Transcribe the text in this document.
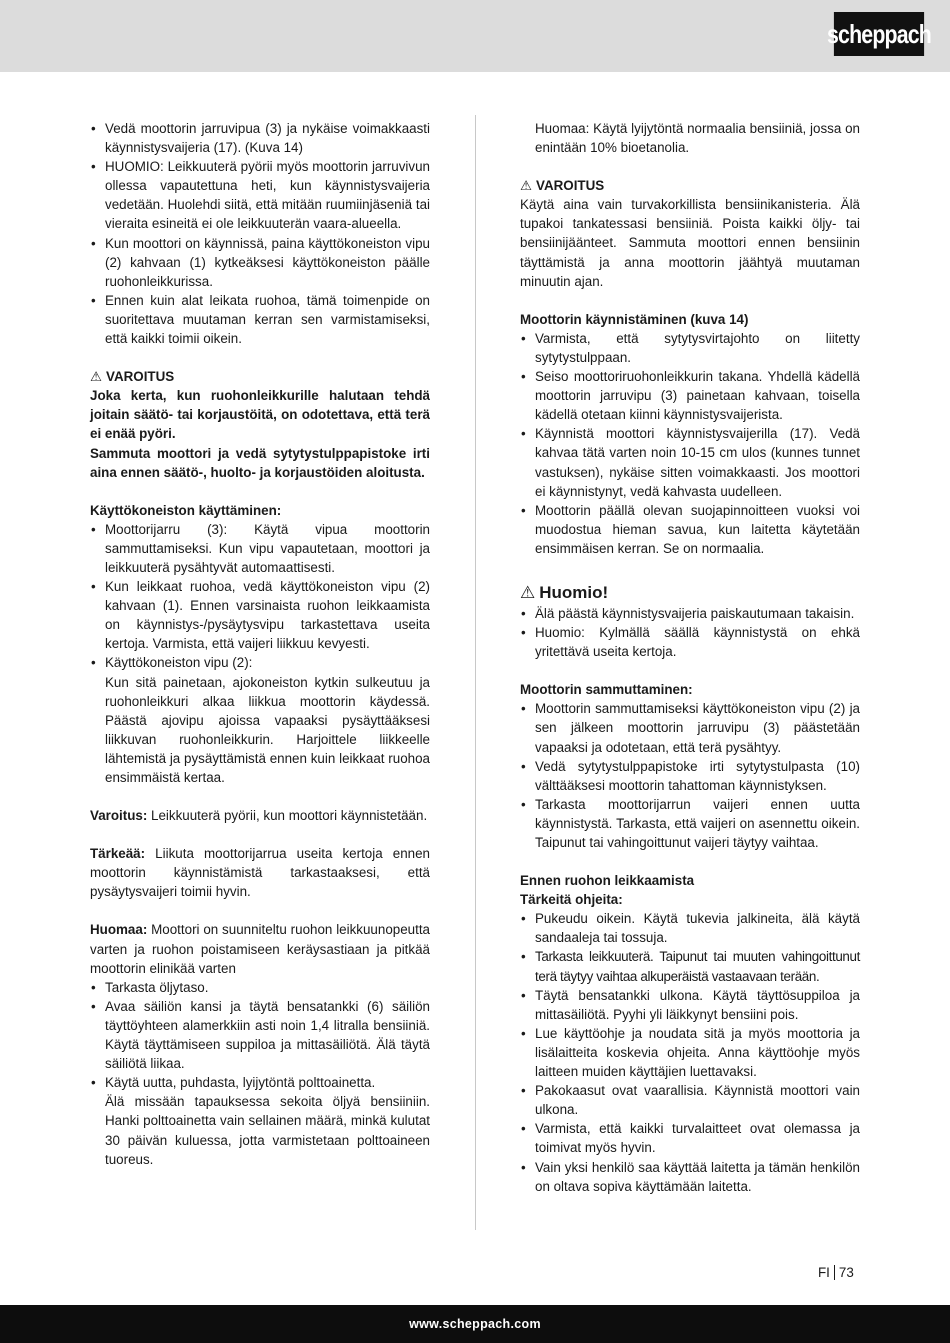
scheppach
• Vedä moottorin jarruvipua (3) ja nykäise voimakkaasti käynnistysvaijeria (17). (Kuva 14)
• HUOMIO: Leikkuuterä pyörii myös moottorin jarruvivun ollessa vapautettuna heti, kun käynnistysvaijeria vedetään. Huolehdi siitä, että mitään ruumiinjäseniä tai vieraita esineitä ei ole leikkuuterän vaara-alueella.
• Kun moottori on käynnissä, paina käyttökoneiston vipu (2) kahvaan (1) kytkeäksesi käyttökoneiston päälle ruohonleikkurissa.
• Ennen kuin alat leikata ruohoa, tämä toimenpide on suoritettava muutaman kerran sen varmistamiseksi, että kaikki toimii oikein.
⚠ VAROITUS

Joka kerta, kun ruohonleikkurille halutaan tehdä joitain säätö- tai korjaustöitä, on odotettava, että terä ei enää pyöri.

Sammuta moottori ja vedä sytytystulppapistoke irti aina ennen säätö-, huolto- ja korjaustöiden aloitusta.

Käyttökoneiston käyttäminen:
• Moottorijarru (3): Käytä vipua moottorin sammuttamiseksi. Kun vipu vapautetaan, moottori ja leikkuuterä pysähtyvät automaattisesti.
• Kun leikkaat ruohoa, vedä käyttökoneiston vipu (2) kahvaan (1). Ennen varsinaista ruohon leikkaamista on käynnistys-/pysäytysvipu tarkastettava useita kertoja. Varmista, että vaijeri liikkuu kevyesti.
• Käyttökoneiston vipu (2):

Kun sitä painetaan, ajokoneiston kytkin sulkeutuu ja ruohonleikkuri alkaa liikkua moottorin käydessä. Päästä ajovipu ajoissa vapaaksi pysäyttääksesi liikkuvan ruohonleikkurin. Harjoittele liikkeelle lähtemistä ja pysäyttämistä ennen kuin leikkaat ruohoa ensimmäistä kertaa.

Varoitus: Leikkuuterä pyörii, kun moottori käynnistetään.

Tärkeää: Liikuta moottorijarrua useita kertoja ennen moottorin käynnistämistä tarkastaaksesi, että pysäytysvaijeri toimii hyvin.

Huomaa: Moottori on suunniteltu ruohon leikkuunopeutta varten ja ruohon poistamiseen keräysastiaan ja pitkää moottorin elinikää varten

• Tarkasta öljytaso.
• Avaa säiliön kansi ja täytä bensatankki (6) säiliön täyttöyhteen alamerkkiin asti noin 1,4 litralla bensiiniä. Käytä täyttämiseen suppiloa ja mittasäiliötä. Älä täytä säiliötä liikaa.
• Käytä uutta, puhdasta, lyijytöntä polttoainetta.

Älä missään tapauksessa sekoita öljyä bensiiniin. Hanki polttoainetta vain sellainen määrä, minkä kulutat 30 päivän kuluessa, jotta varmistetaan polttoaineen tuoreus.

Huomaa: Käytä lyijytöntä normaalia bensiiniä, jossa on enintään 10% bioetanolia.

⚠ VAROITUS

Käytä aina vain turvakorkillista bensiinikanisteria. Älä tupakoi tankatessasi bensiiniä. Poista kaikki öljy- tai bensiinijäänteet. Sammuta moottori ennen bensiinin täyttämistä ja anna moottorin jäähtyä muutaman minuutin ajan.

Moottorin käynnistäminen (kuva 14)
• Varmista, että sytytysvirtajohto on liitetty sytytystulppaan.
• Seiso moottoriruohonleikkurin takana. Yhdellä kädellä moottorin jarruvipu (3) painetaan kahvaan, toisella kädellä otetaan kiinni käynnistysvaijerista.
• Käynnistä moottori käynnistysvaijerilla (17). Vedä kahvaa tätä varten noin 10-15 cm ulos (kunnes tunnet vastuksen), nykäise sitten voimakkaasti. Jos moottori ei käynnistynyt, vedä kahvasta uudelleen.
• Moottorin päällä olevan suojapinnoitteen vuoksi voi muodostua hieman savua, kun laitetta käytetään ensimmäisen kerran. Se on normaalia.
⚠ Huomio!
• Älä päästä käynnistysvaijeria paiskautumaan takaisin.
• Huomio: Kylmällä säällä käynnistystä on ehkä yritettävä useita kertoja.
Moottorin sammuttaminen:
• Moottorin sammuttamiseksi käyttökoneiston vipu (2) ja sen jälkeen moottorin jarruvipu (3) päästetään vapaaksi ja odotetaan, että terä pysähtyy.
• Vedä sytytystulppapistoke irti sytytystulpasta (10) välttääksesi moottorin tahattoman käynnistyksen.
• Tarkasta moottorijarrun vaijeri ennen uutta käynnistystä. Tarkasta, että vaijeri on asennettu oikein. Taipunut tai vahingoittunut vaijeri täytyy vaihtaa.
Ennen ruohon leikkaamista
Tärkeitä ohjeita:
• Pukeudu oikein. Käytä tukevia jalkineita, älä käytä sandaaleja tai tossuja.
• Tarkasta leikkuuterä. Taipunut tai muuten vahingoittunut terä täytyy vaihtaa alkuperäistä vastaavaan terään.
• Täytä bensatankki ulkona. Käytä täyttösuppiloa ja mittasäiliötä. Pyyhi yli läikkynyt bensiini pois.
• Lue käyttöohje ja noudata sitä ja myös moottoria ja lisälaitteita koskevia ohjeita. Anna käyttöohje myös laitteen muiden käyttäjien luettavaksi.
• Pakokaasut ovat vaarallisia. Käynnistä moottori vain ulkona.
• Varmista, että kaikki turvalaitteet ovat olemassa ja toimivat myös hyvin.
• Vain yksi henkilö saa käyttää laitetta ja tämän henkilön on oltava sopiva käyttämään laitetta.
FI 73
www.scheppach.com
